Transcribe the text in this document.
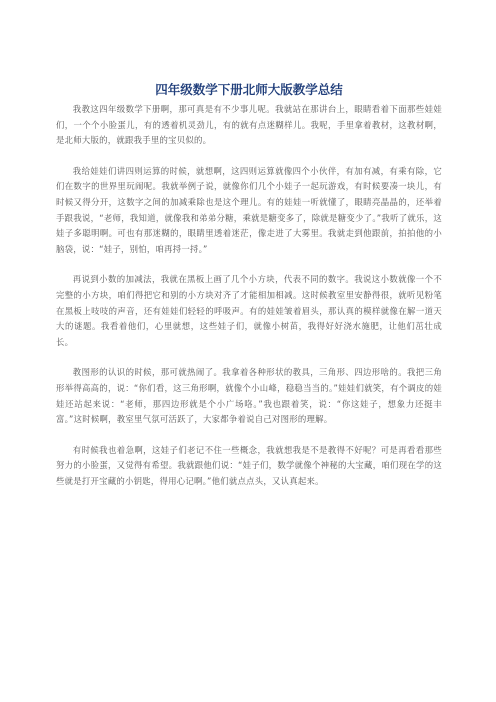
四年级数学下册北师大版教学总结

我教这四年级数学下册啊，那可真是有不少事儿呢。我就站在那讲台上，眼睛看着下面那些娃娃们，一个个小脸蛋儿，有的透着机灵劲儿，有的就有点迷糊样儿。我呢，手里拿着教材，这教材啊，是北师大版的，就跟我手里的宝贝似的。

我给娃娃们讲四则运算的时候，就想啊，这四则运算就像四个小伙伴，有加有减，有乘有除，它们在数字的世界里玩闹呢。我就举例子说，就像你们几个小娃子一起玩游戏，有时候要凑一块儿，有时候又得分开，这数字之间的加减乘除也是这个理儿。有的娃娃一听就懂了，眼睛亮晶晶的，还举着手跟我说，“老师，我知道，就像我和弟弟分糖，乘就是糖变多了，除就是糖变少了。”我听了就乐，这娃子多聪明啊。可也有那迷糊的，眼睛里透着迷茫，像走进了大雾里。我就走到他跟前，拍拍他的小脑袋，说：“娃子，别怕，咱再捋一捋。”

再说到小数的加减法，我就在黑板上画了几个小方块，代表不同的数字。我说这小数就像一个不完整的小方块，咱们得把它和别的小方块对齐了才能相加相减。这时候教室里安静得很，就听见粉笔在黑板上吱吱的声音，还有娃娃们轻轻的呼吸声。有的娃娃皱着眉头，那认真的模样就像在解一道天大的谜题。我看着他们，心里就想，这些娃子们，就像小树苗，我得好好浇水施肥，让他们茁壮成长。

教图形的认识的时候，那可就热闹了。我拿着各种形状的教具，三角形、四边形啥的。我把三角形举得高高的，说：“你们看，这三角形啊，就像个小山峰，稳稳当当的。”娃娃们就笑，有个调皮的娃娃还站起来说：“老师，那四边形就是个小广场咯。”我也跟着笑，说：“你这娃子，想象力还挺丰富。”这时候啊，教室里气氛可活跃了，大家都争着说自己对图形的理解。

有时候我也着急啊，这娃子们老记不住一些概念，我就想我是不是教得不好呢？可是再看看那些努力的小脸蛋，又觉得有希望。我就跟他们说：“娃子们，数学就像个神秘的大宝藏，咱们现在学的这些就是打开宝藏的小钥匙，得用心记啊。”他们就点点头，又认真起来。
